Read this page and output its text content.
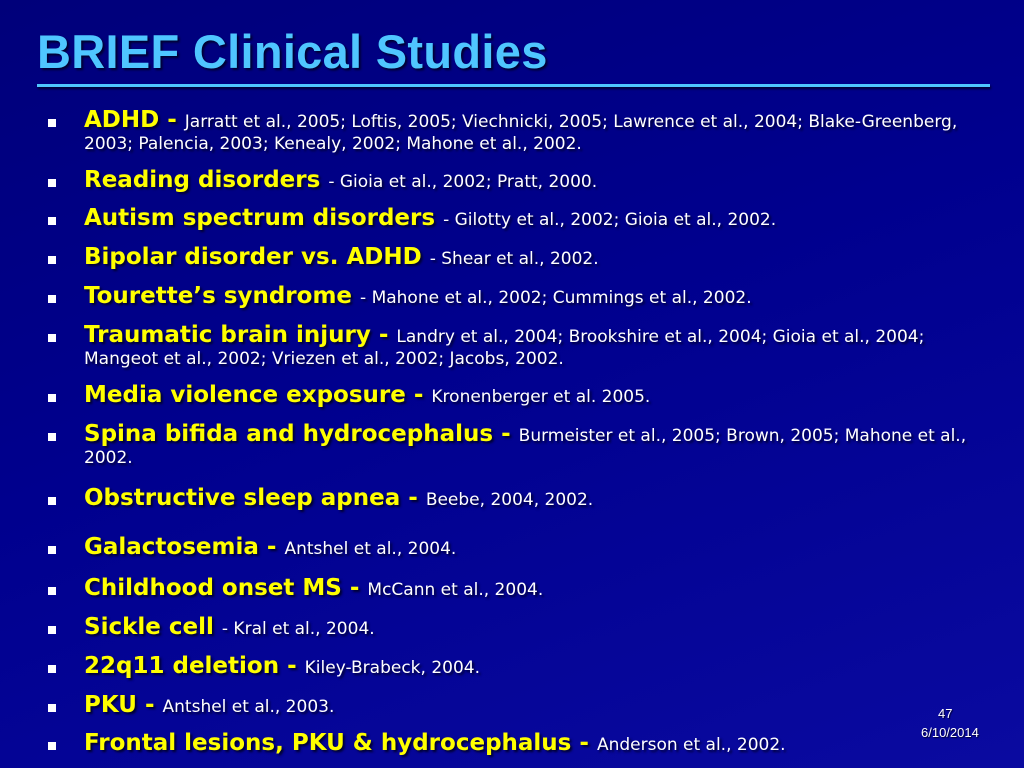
BRIEF Clinical Studies
ADHD - Jarratt et al., 2005; Loftis, 2005; Viechnicki, 2005; Lawrence et al., 2004; Blake-Greenberg, 2003; Palencia, 2003; Kenealy, 2002; Mahone et al., 2002.
Reading disorders - Gioia et al., 2002; Pratt, 2000.
Autism spectrum disorders - Gilotty et al., 2002; Gioia et al., 2002.
Bipolar disorder vs. ADHD - Shear et al., 2002.
Tourette’s syndrome - Mahone et al., 2002; Cummings et al., 2002.
Traumatic brain injury - Landry et al., 2004; Brookshire et al., 2004; Gioia et al., 2004; Mangeot et al., 2002; Vriezen et al., 2002; Jacobs, 2002.
Media violence exposure - Kronenberger et al. 2005.
Spina bifida and hydrocephalus - Burmeister et al., 2005; Brown, 2005; Mahone et al., 2002.
Obstructive sleep apnea - Beebe, 2004, 2002.
Galactosemia - Antshel et al., 2004.
Childhood onset MS - McCann et al., 2004.
Sickle cell - Kral et al., 2004.
22q11 deletion - Kiley-Brabeck, 2004.
PKU - Antshel et al., 2003.
Frontal lesions, PKU & hydrocephalus - Anderson et al., 2002.
47
6/10/2014
